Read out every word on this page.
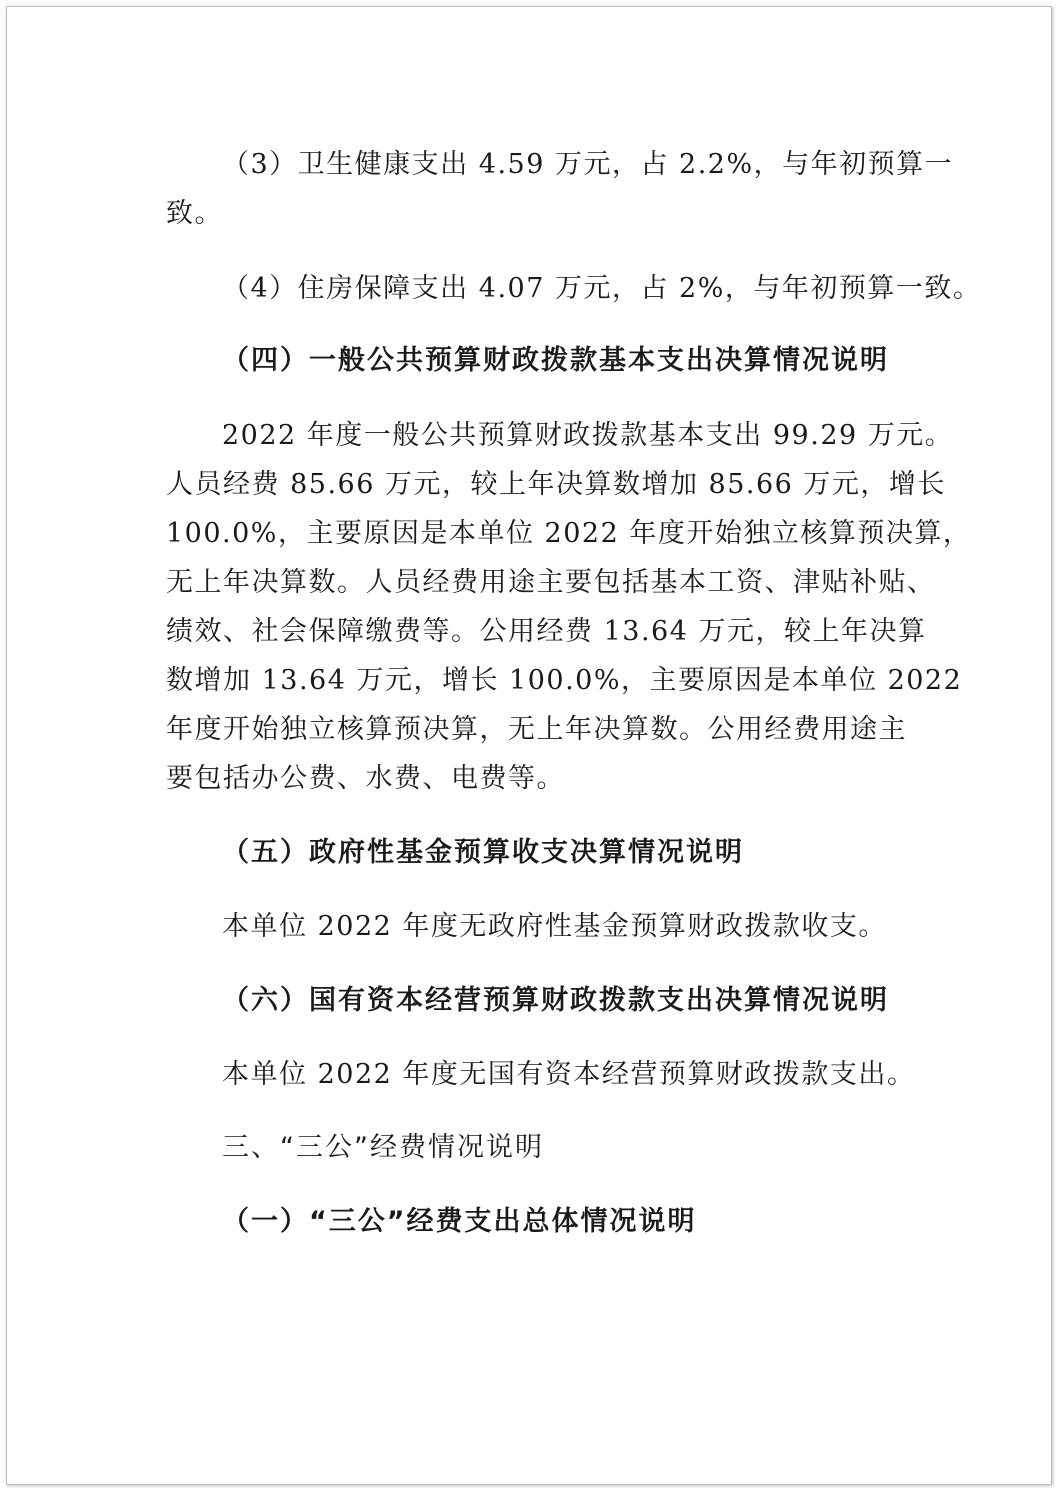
（3）卫生健康支出 4.59 万元，占 2.2%，与年初预算一
致。
（4）住房保障支出 4.07 万元，占 2%，与年初预算一致。
（四）一般公共预算财政拨款基本支出决算情况说明
2022 年度一般公共预算财政拨款基本支出 99.29 万元。
人员经费 85.66 万元，较上年决算数增加 85.66 万元，增长
100.0%，主要原因是本单位 2022 年度开始独立核算预决算，
无上年决算数。人员经费用途主要包括基本工资、津贴补贴、
绩效、社会保障缴费等。公用经费 13.64 万元，较上年决算
数增加 13.64 万元，增长 100.0%，主要原因是本单位 2022
年度开始独立核算预决算，无上年决算数。公用经费用途主
要包括办公费、水费、电费等。
（五）政府性基金预算收支决算情况说明
本单位 2022 年度无政府性基金预算财政拨款收支。
（六）国有资本经营预算财政拨款支出决算情况说明
本单位 2022 年度无国有资本经营预算财政拨款支出。
三、“三公”经费情况说明
（一）“三公”经费支出总体情况说明
